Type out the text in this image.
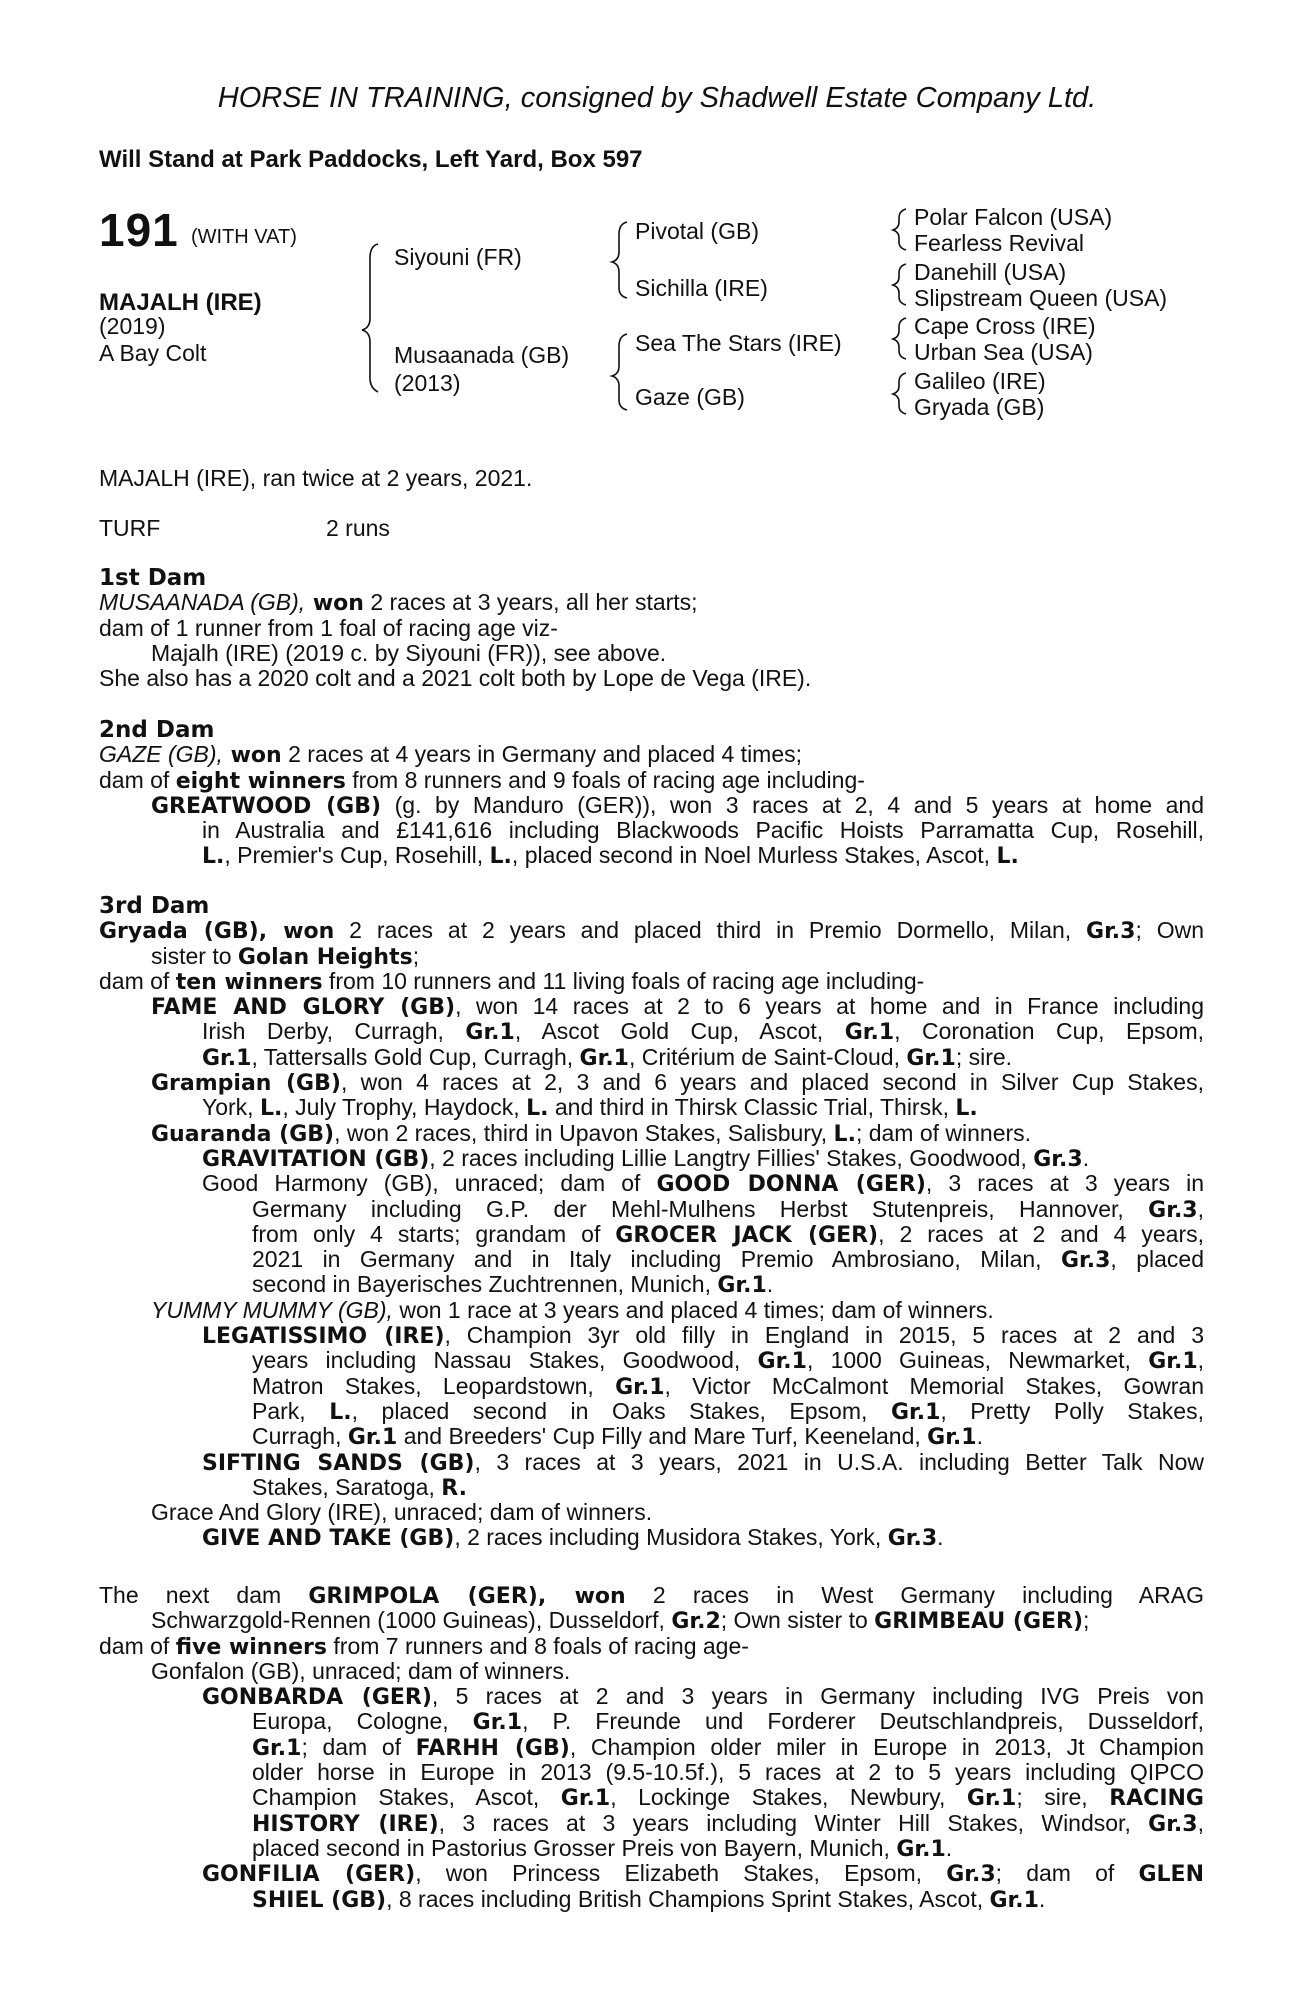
HORSE IN TRAINING, consigned by Shadwell Estate Company Ltd.
Will Stand at Park Paddocks, Left Yard, Box 597
191 (WITH VAT)
MAJALH (IRE)
(2019)
A Bay Colt
Siyouni (FR)
Musaanada (GB)
(2013)
Pivotal (GB)
Sichilla (IRE)
Sea The Stars (IRE)
Gaze (GB)
Polar Falcon (USA)
Fearless Revival
Danehill (USA)
Slipstream Queen (USA)
Cape Cross (IRE)
Urban Sea (USA)
Galileo (IRE)
Gryada (GB)
MAJALH (IRE), ran twice at 2 years, 2021.
TURF	2 runs
1st Dam
MUSAANADA (GB), won 2 races at 3 years, all her starts;
dam of 1 runner from 1 foal of racing age viz-
Majalh (IRE) (2019 c. by Siyouni (FR)), see above.
She also has a 2020 colt and a 2021 colt both by Lope de Vega (IRE).
2nd Dam
GAZE (GB), won 2 races at 4 years in Germany and placed 4 times;
dam of eight winners from 8 runners and 9 foals of racing age including-
GREATWOOD (GB) (g. by Manduro (GER)), won 3 races at 2, 4 and 5 years at home and
in Australia and £141,616 including Blackwoods Pacific Hoists Parramatta Cup, Rosehill,
L., Premier's Cup, Rosehill, L., placed second in Noel Murless Stakes, Ascot, L.
3rd Dam
Gryada (GB), won 2 races at 2 years and placed third in Premio Dormello, Milan, Gr.3; Own
sister to Golan Heights;
dam of ten winners from 10 runners and 11 living foals of racing age including-
FAME AND GLORY (GB), won 14 races at 2 to 6 years at home and in France including
Irish Derby, Curragh, Gr.1, Ascot Gold Cup, Ascot, Gr.1, Coronation Cup, Epsom,
Gr.1, Tattersalls Gold Cup, Curragh, Gr.1, Critérium de Saint-Cloud, Gr.1; sire.
Grampian (GB), won 4 races at 2, 3 and 6 years and placed second in Silver Cup Stakes,
York, L., July Trophy, Haydock, L. and third in Thirsk Classic Trial, Thirsk, L.
Guaranda (GB), won 2 races, third in Upavon Stakes, Salisbury, L.; dam of winners.
GRAVITATION (GB), 2 races including Lillie Langtry Fillies' Stakes, Goodwood, Gr.3.
Good Harmony (GB), unraced; dam of GOOD DONNA (GER), 3 races at 3 years in
Germany including G.P. der Mehl-Mulhens Herbst Stutenpreis, Hannover, Gr.3,
from only 4 starts; grandam of GROCER JACK (GER), 2 races at 2 and 4 years,
2021 in Germany and in Italy including Premio Ambrosiano, Milan, Gr.3, placed
second in Bayerisches Zuchtrennen, Munich, Gr.1.
YUMMY MUMMY (GB), won 1 race at 3 years and placed 4 times; dam of winners.
LEGATISSIMO (IRE), Champion 3yr old filly in England in 2015, 5 races at 2 and 3
years including Nassau Stakes, Goodwood, Gr.1, 1000 Guineas, Newmarket, Gr.1,
Matron Stakes, Leopardstown, Gr.1, Victor McCalmont Memorial Stakes, Gowran
Park, L., placed second in Oaks Stakes, Epsom, Gr.1, Pretty Polly Stakes,
Curragh, Gr.1 and Breeders' Cup Filly and Mare Turf, Keeneland, Gr.1.
SIFTING SANDS (GB), 3 races at 3 years, 2021 in U.S.A. including Better Talk Now
Stakes, Saratoga, R.
Grace And Glory (IRE), unraced; dam of winners.
GIVE AND TAKE (GB), 2 races including Musidora Stakes, York, Gr.3.
The next dam GRIMPOLA (GER), won 2 races in West Germany including ARAG
Schwarzgold-Rennen (1000 Guineas), Dusseldorf, Gr.2; Own sister to GRIMBEAU (GER);
dam of five winners from 7 runners and 8 foals of racing age-
Gonfalon (GB), unraced; dam of winners.
GONBARDA (GER), 5 races at 2 and 3 years in Germany including IVG Preis von
Europa, Cologne, Gr.1, P. Freunde und Forderer Deutschlandpreis, Dusseldorf,
Gr.1; dam of FARHH (GB), Champion older miler in Europe in 2013, Jt Champion
older horse in Europe in 2013 (9.5-10.5f.), 5 races at 2 to 5 years including QIPCO
Champion Stakes, Ascot, Gr.1, Lockinge Stakes, Newbury, Gr.1; sire, RACING
HISTORY (IRE), 3 races at 3 years including Winter Hill Stakes, Windsor, Gr.3,
placed second in Pastorius Grosser Preis von Bayern, Munich, Gr.1.
GONFILIA (GER), won Princess Elizabeth Stakes, Epsom, Gr.3; dam of GLEN
SHIEL (GB), 8 races including British Champions Sprint Stakes, Ascot, Gr.1.
